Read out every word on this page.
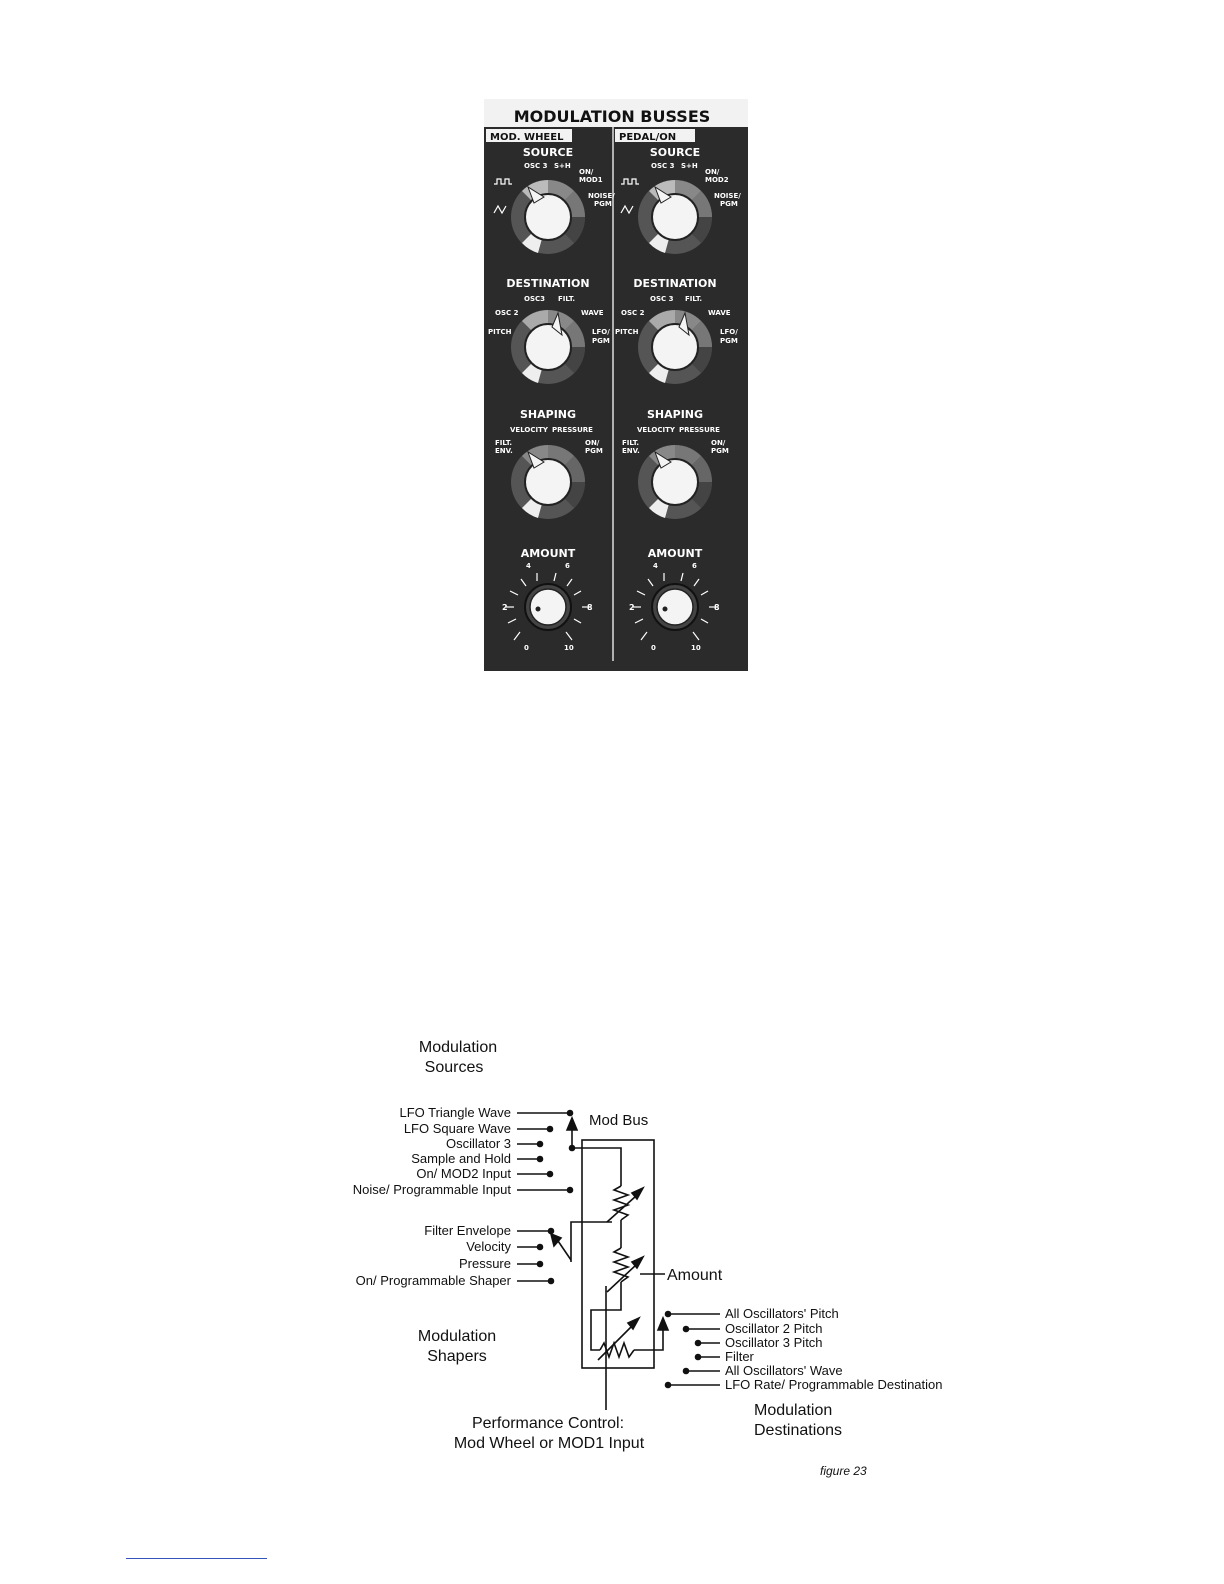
MODULATION BUSSES
MOD. WHEEL	PEDAL/ON
SOURCE
OSC 3 S+H
ON/
MOD1
NOISE/
PGM
DESTINATION
OSC3 FILT.
OSC 2	WAVE
PITCH	LFO/
PGM
SHAPING
VELOCITY PRESSURE
FILT.
ENV.
ON/
PGM
AMOUNT
4	6
2	8
0	10
SOURCE
OSC 3 S+H
ON/
MOD2
NOISE/
PGM
DESTINATION
OSC 3 FILT.
OSC 2	WAVE
PITCH	LFO/
PGM
SHAPING
VELOCITY PRESSURE
FILT.
ENV.
ON/
PGM
AMOUNT
4	6
2	8
0	10
Modulation
Sources
LFO Triangle Wave
LFO Square Wave
Oscillator 3
Sample and Hold
On/ MOD2 Input
Noise/ Programmable Input
Mod Bus
Filter Envelope
Velocity
Pressure
On/ Programmable Shaper
Modulation
Shapers
Amount
All Oscillators' Pitch
Oscillator 2 Pitch
Oscillator 3 Pitch
Filter
All Oscillators' Wave
LFO Rate/ Programmable Destination
Modulation
Destinations
Performance Control:
Mod Wheel or MOD1 Input
figure 23
